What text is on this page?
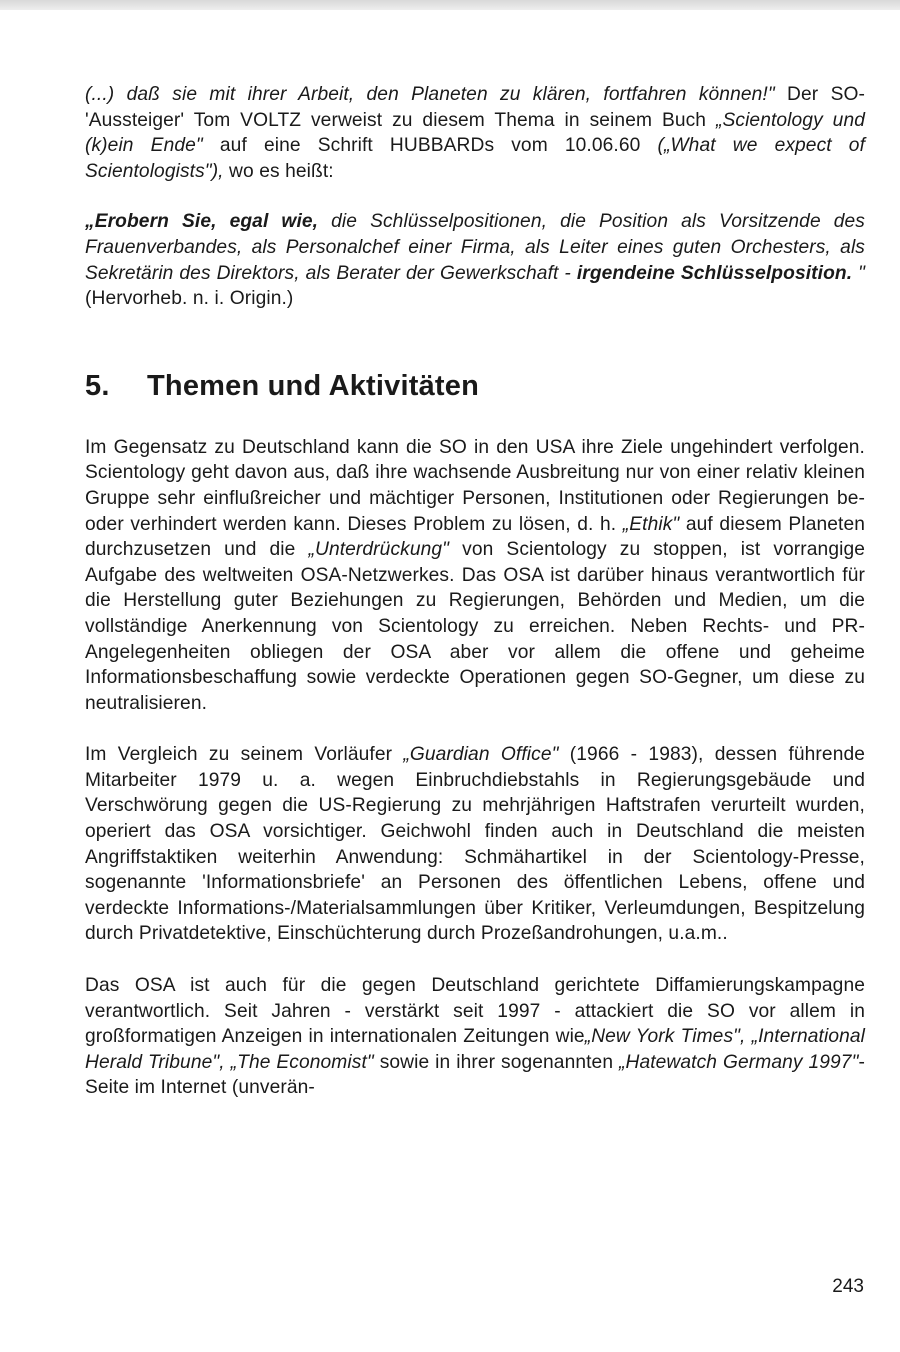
(...) daß sie mit ihrer Arbeit, den Planeten zu klären, fortfahren können!" Der SO-'Aussteiger' Tom VOLTZ verweist zu diesem Thema in seinem Buch „Scientology und (k)ein Ende" auf eine Schrift HUBBARDs vom 10.06.60 („What we expect of Scientologists"), wo es heißt:

„Erobern Sie, egal wie, die Schlüsselpositionen, die Position als Vorsitzende des Frauenverbandes, als Personalchef einer Firma, als Leiter eines guten Orchesters, als Sekretärin des Direktors, als Berater der Gewerkschaft - irgendeine Schlüsselposition. " (Hervorheb. n. i. Origin.)

5. Themen und Aktivitäten

Im Gegensatz zu Deutschland kann die SO in den USA ihre Ziele ungehindert verfolgen. Scientology geht davon aus, daß ihre wachsende Ausbreitung nur von einer relativ kleinen Gruppe sehr einflußreicher und mächtiger Personen, Institutionen oder Regierungen be- oder verhindert werden kann. Dieses Problem zu lösen, d. h. „Ethik" auf diesem Planeten durchzusetzen und die „Unterdrückung" von Scientology zu stoppen, ist vorrangige Aufgabe des weltweiten OSA-Netzwerkes. Das OSA ist darüber hinaus verantwortlich für die Herstellung guter Beziehungen zu Regierungen, Behörden und Medien, um die vollständige Anerkennung von Scientology zu erreichen. Neben Rechts- und PR-Angelegenheiten obliegen der OSA aber vor allem die offene und geheime Informationsbeschaffung sowie verdeckte Operationen gegen SO-Gegner, um diese zu neutralisieren.

Im Vergleich zu seinem Vorläufer „Guardian Office" (1966 - 1983), dessen führende Mitarbeiter 1979 u. a. wegen Einbruchdiebstahls in Regierungsgebäude und Verschwörung gegen die US-Regierung zu mehrjährigen Haftstrafen verurteilt wurden, operiert das OSA vorsichtiger. Geichwohl finden auch in Deutschland die meisten Angriffstaktiken weiterhin Anwendung: Schmähartikel in der Scientology-Presse, sogenannte 'Informationsbriefe' an Personen des öffentlichen Lebens, offene und verdeckte Informations-/Materialsammlungen über Kritiker, Verleumdungen, Bespitzelung durch Privatdetektive, Einschüchterung durch Prozeßandrohungen, u.a.m..

Das OSA ist auch für die gegen Deutschland gerichtete Diffamierungskampagne verantwortlich. Seit Jahren - verstärkt seit 1997 - attackiert die SO vor allem in großformatigen Anzeigen in internationalen Zeitungen wie„New York Times", „International Herald Tribune", „The Economist" sowie in ihrer sogenannten „Hatewatch Germany 1997"-Seite im Internet (unverän-

243
